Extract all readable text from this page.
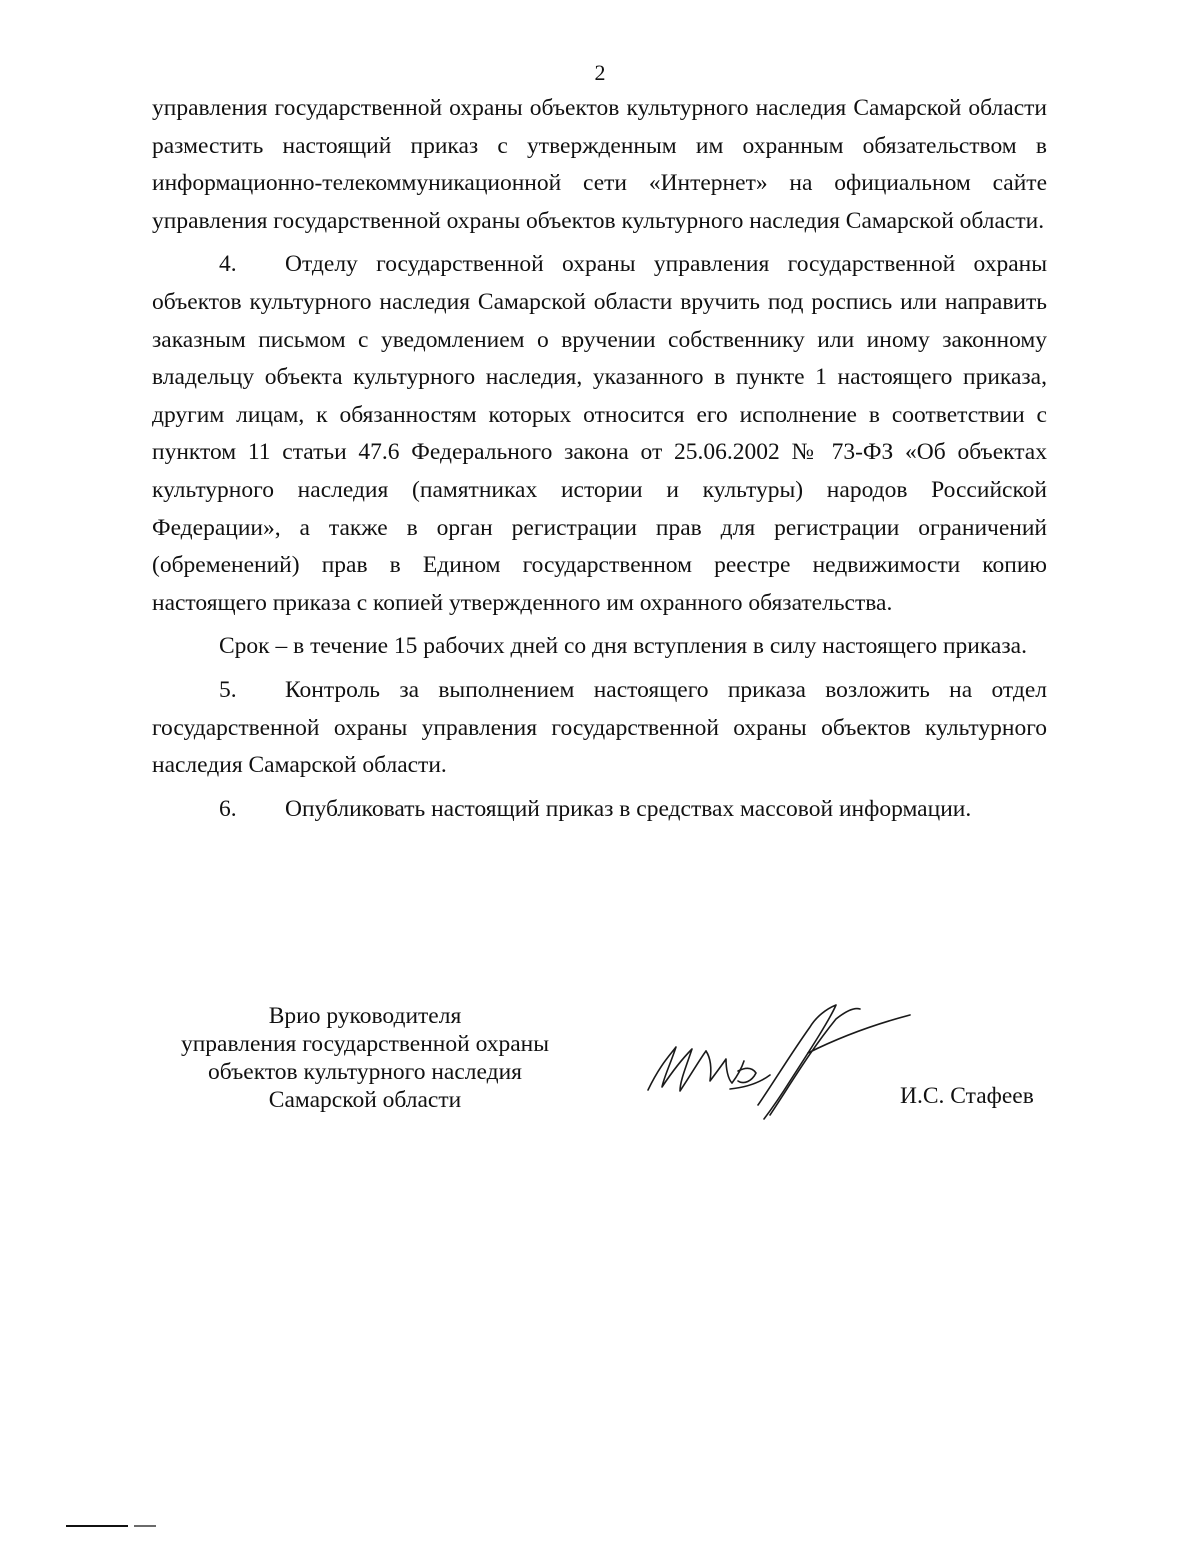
2

управления государственной охраны объектов культурного наследия Самарской области разместить настоящий приказ с утвержденным им охранным обязательством в информационно-телекоммуникационной сети «Интернет» на официальном сайте управления государственной охраны объектов культурного наследия Самарской области.

4. Отделу государственной охраны управления государственной охраны объектов культурного наследия Самарской области вручить под роспись или направить заказным письмом с уведомлением о вручении собственнику или иному законному владельцу объекта культурного наследия, указанного в пункте 1 настоящего приказа, другим лицам, к обязанностям которых относится его исполнение в соответствии с пунктом 11 статьи 47.6 Федерального закона от 25.06.2002 № 73-ФЗ «Об объектах культурного наследия (памятниках истории и культуры) народов Российской Федерации», а также в орган регистрации прав для регистрации ограничений (обременений) прав в Едином государственном реестре недвижимости копию настоящего приказа с копией утвержденного им охранного обязательства.

Срок – в течение 15 рабочих дней со дня вступления в силу настоящего приказа.

5. Контроль за выполнением настоящего приказа возложить на отдел государственной охраны управления государственной охраны объектов культурного наследия Самарской области.

6. Опубликовать настоящий приказ в средствах массовой информации.

Врио руководителя
управления государственной охраны
объектов культурного наследия
Самарской области	И.С. Стафеев
